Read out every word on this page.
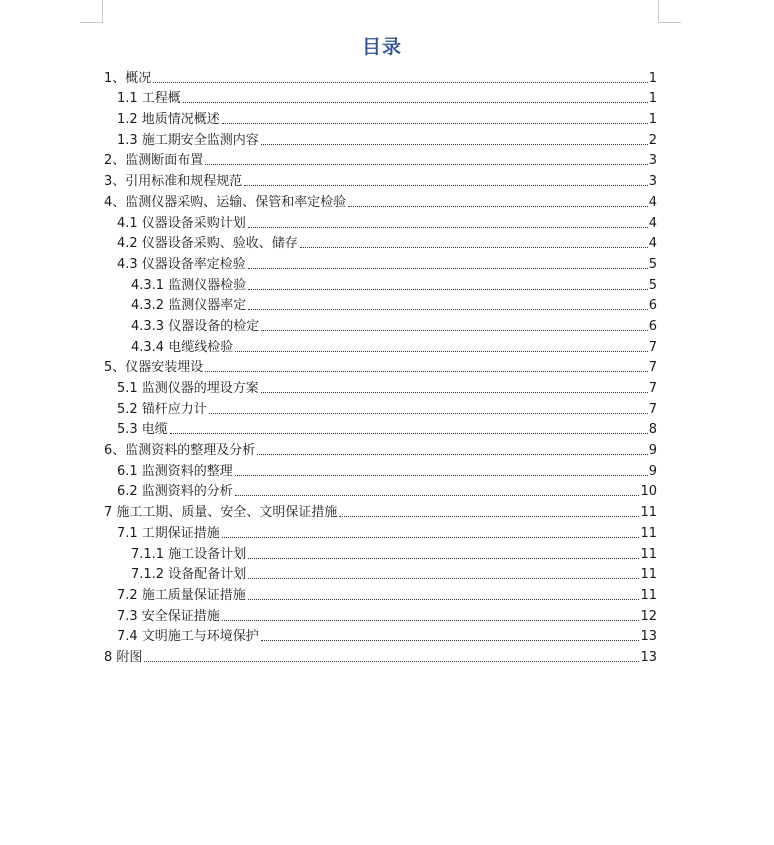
目录
1、概况	1
1.1 工程概	1
1.2 地质情况概述	1
1.3 施工期安全监测内容	2
2、监测断面布置	3
3、引用标准和规程规范	3
4、监测仪器采购、运输、保管和率定检验	4
4.1 仪器设备采购计划	4
4.2 仪器设备采购、验收、储存	4
4.3 仪器设备率定检验	5
4.3.1 监测仪器检验	5
4.3.2 监测仪器率定	6
4.3.3 仪器设备的检定	6
4.3.4 电缆线检验	7
5、仪器安装埋设	7
5.1 监测仪器的埋设方案	7
5.2 锚杆应力计	7
5.3 电缆	8
6、监测资料的整理及分析	9
6.1 监测资料的整理	9
6.2 监测资料的分析	10
7 施工工期、质量、安全、文明保证措施	11
7.1 工期保证措施	11
7.1.1 施工设备计划	11
7.1.2 设备配备计划	11
7.2 施工质量保证措施	11
7.3 安全保证措施	12
7.4 文明施工与环境保护	13
8 附图	13
